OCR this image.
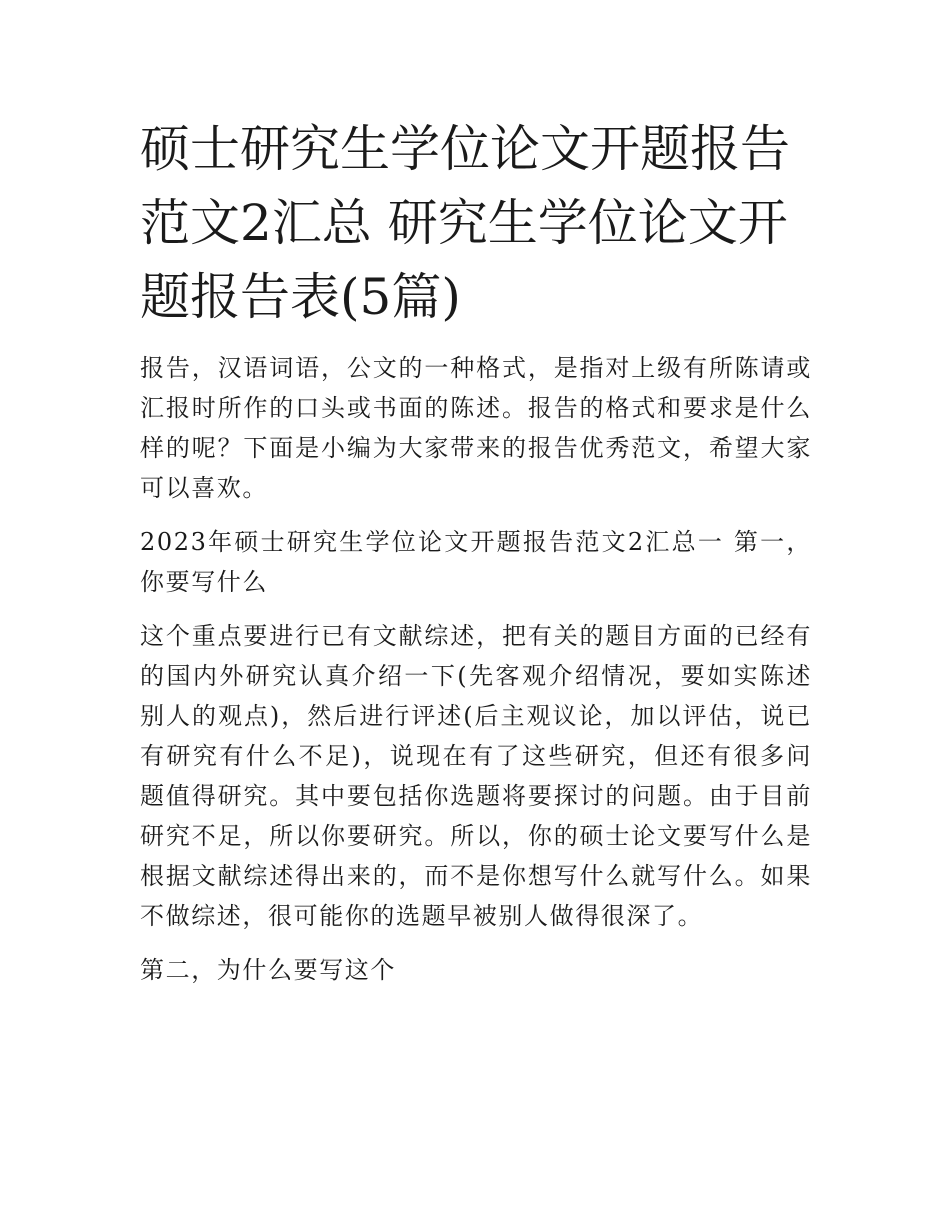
硕士研究生学位论文开题报告范文2汇总 研究生学位论文开题报告表(5篇)

报告，汉语词语，公文的一种格式，是指对上级有所陈请或汇报时所作的口头或书面的陈述。报告的格式和要求是什么样的呢？下面是小编为大家带来的报告优秀范文，希望大家可以喜欢。

2023年硕士研究生学位论文开题报告范文2汇总一 第一，你要写什么

这个重点要进行已有文献综述，把有关的题目方面的已经有的国内外研究认真介绍一下(先客观介绍情况，要如实陈述别人的观点)，然后进行评述(后主观议论，加以评估，说已有研究有什么不足)，说现在有了这些研究，但还有很多问题值得研究。其中要包括你选题将要探讨的问题。由于目前研究不足，所以你要研究。所以，你的硕士论文要写什么是根据文献综述得出来的，而不是你想写什么就写什么。如果不做综述，很可能你的选题早被别人做得很深了。

第二，为什么要写这个
